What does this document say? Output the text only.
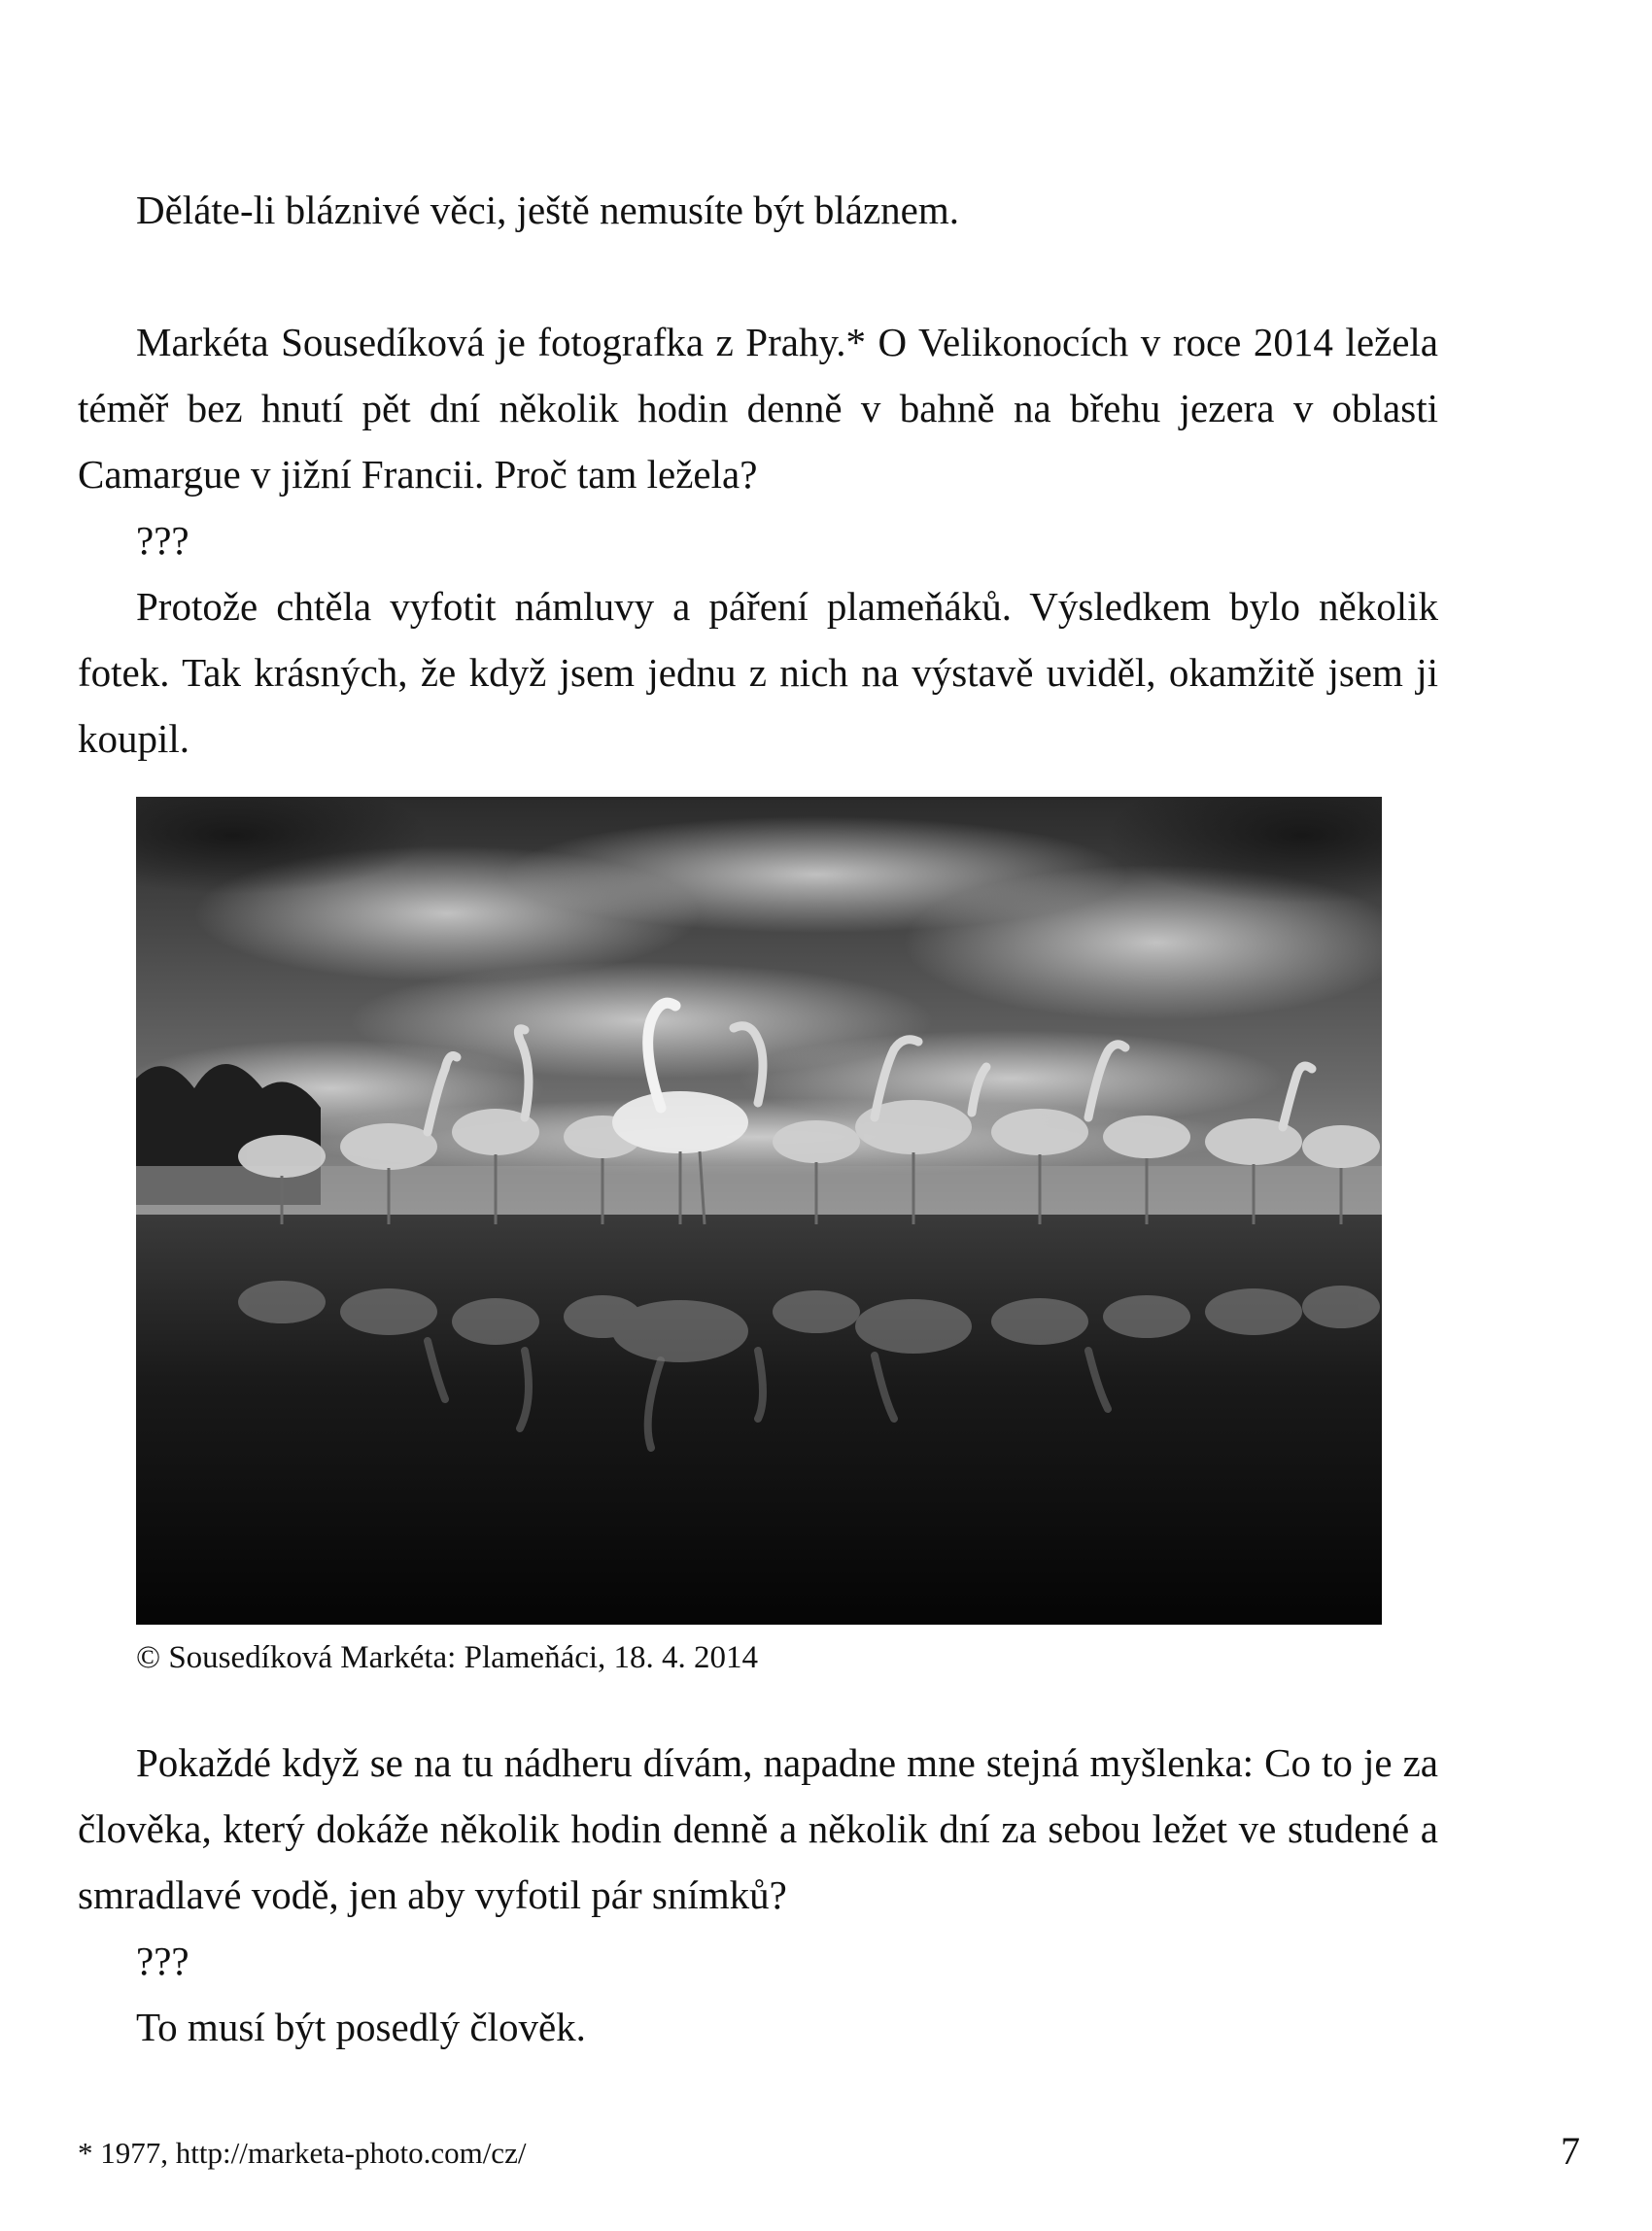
Děláte-li bláznivé věci, ještě nemusíte být bláznem.

Markéta Sousedíková je fotografka z Prahy.* O Velikonocích v roce 2014 ležela téměř bez hnutí pět dní několik hodin denně v bahně na břehu jezera v oblasti Camargue v jižní Francii. Proč tam ležela?

???

Protože chtěla vyfotit námluvy a páření plameňáků. Výsledkem bylo několik fotek. Tak krásných, že když jsem jednu z nich na výstavě uviděl, okamžitě jsem ji koupil.

© Sousedíková Markéta: Plameňáci, 18. 4. 2014

Pokaždé když se na tu nádheru dívám, napadne mne stejná myšlenka: Co to je za člověka, který dokáže několik hodin denně a několik dní za sebou ležet ve studené a smradlavé vodě, jen aby vyfotil pár snímků?

???

To musí být posedlý člověk.

* 1977, http://marketa-photo.com/cz/	7
